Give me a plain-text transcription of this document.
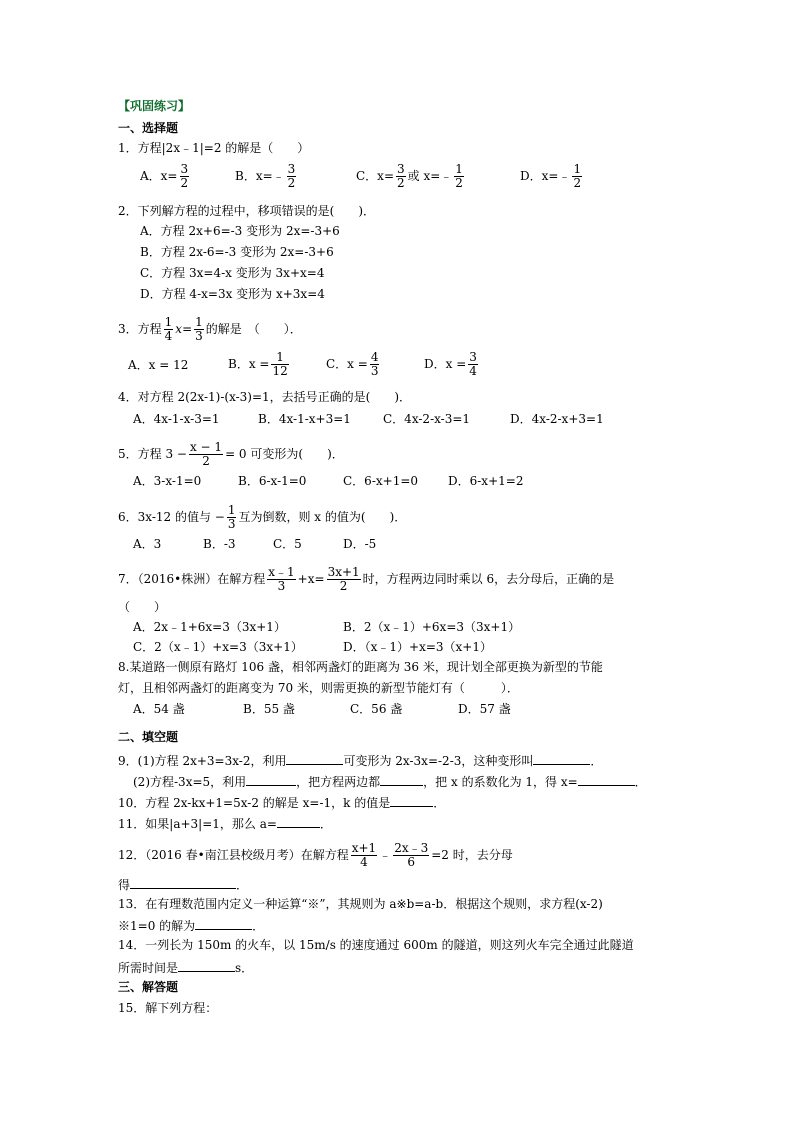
【巩固练习】
一、选择题
1．方程|2x﹣1|=2 的解是（　　）
A．$x= \frac{3}{2}$	B．x=﹣ $\frac{3}{2}$	C．$x= \frac{3}{2}$ 或 x=﹣ $\frac{1}{2}$	D．x=﹣ $\frac{1}{2}$
2．下列解方程的过程中，移项错误的是(　　)．
A．方程 2x+6=-3 变形为 2x=-3+6
B．方程 2x-6=-3 变形为 2x=-3+6
C．方程 3x=4-x 变形为 3x+x=4
D．方程 4-x=3x 变形为 x+3x=4
3．方程 $\frac{1}{4} x= \frac{1}{3}$ 的解是　（　　）．
A．x = 12	B．$x = \frac{1}{12}$	C．$x = \frac{4}{3}$	D．$x = \frac{3}{4}$
4．对方程 2(2x-1)-(x-3)=1，去括号正确的是(　　)．
A．4x-1-x-3=1	B．4x-1-x+3=1	C．4x-2-x-3=1	D．4x-2-x+3=1
5．方程 $3 - \frac{x - 1}{2} = 0$ 可变形为(　　)．
A．3-x-1=0	B．6-x-1=0	C．6-x+1=0 D．6-x+1=2
6．3x-12 的值与 − $\frac{1}{3}$ 互为倒数，则 x 的值为(　　)．
A．3	B．-3	C．5	D．-5
7．（2016•株洲）在解方程 $\frac{x﹣1}{3} +x= \frac{3x+1}{2}$ 时，方程两边同时乘以 6，去分母后，正确的是
（　　）
A．2x﹣1+6x=3（3x+1）	B．2（x﹣1）+6x=3（3x+1）
C．2（x﹣1）+x=3（3x+1）	D．（x﹣1）+x=3（x+1）
8.某道路一侧原有路灯 106 盏，相邻两盏灯的距离为 36 米，现计划全部更换为新型的节能
灯，且相邻两盏灯的距离变为 70 米，则需更换的新型节能灯有（　　　）．
A．54 盏	B．55 盏	C．56 盏	D．57 盏
二、填空题
9．(1)方程 2x+3=3x-2，利用	可变形为 2x-3x=-2-3，这种变形叫	．
(2)方程-3x=5，利用	，把方程两边都	，把 x 的系数化为 1，得 x=	．
10．方程 2x-kx+1=5x-2 的解是 x=-1，k 的值是	．
11．如果|a+3|=1，那么 a=	．
12．（2016 春•南江县校级月考）在解方程 $\frac{x+1}{4}$ ﹣ $\frac{2x﹣3}{6} =2$ 时，去分母
得	．
13．在有理数范围内定义一种运算“※”，其规则为 a※b=a-b．根据这个规则，求方程(x-2)
※1=0 的解为	．
14．一列长为 150m 的火车，以 15m/s 的速度通过 600m 的隧道，则这列火车完全通过此隧道
所需时间是	s．
三、解答题
15．解下列方程：
